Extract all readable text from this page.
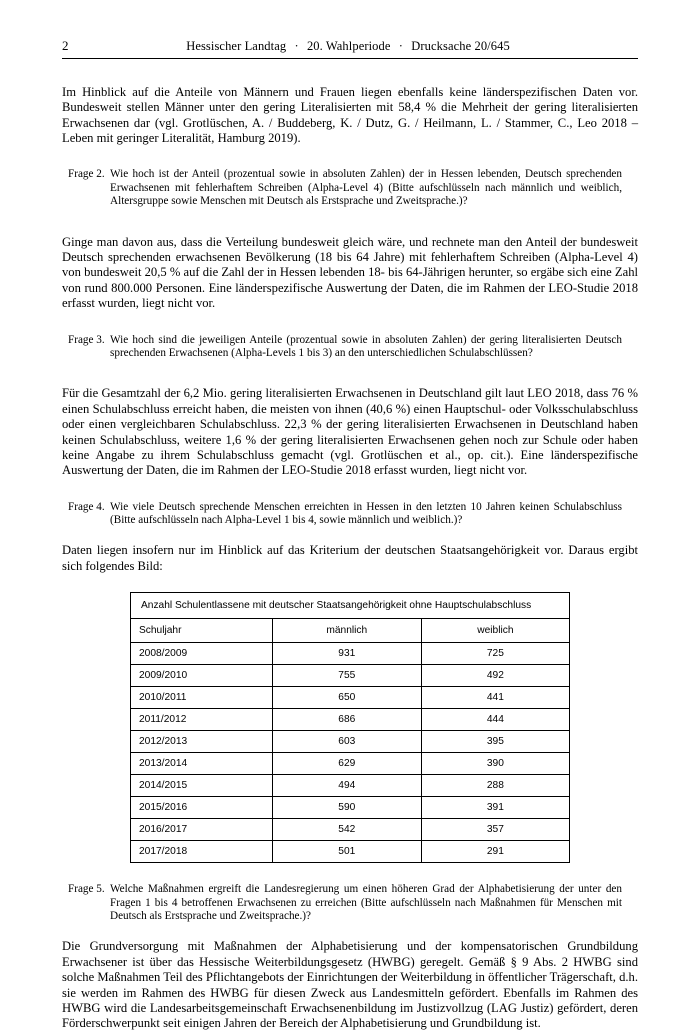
2	Hessischer Landtag · 20. Wahlperiode · Drucksache 20/645

Im Hinblick auf die Anteile von Männern und Frauen liegen ebenfalls keine länderspezifischen Daten vor. Bundesweit stellen Männer unter den gering Literalisierten mit 58,4 % die Mehrheit der gering literalisierten Erwachsenen dar (vgl. Grotlüschen, A. / Buddeberg, K. / Dutz, G. / Heilmann, L. / Stammer, C., Leo 2018 – Leben mit geringer Literalität, Hamburg 2019).

Frage 2. Wie hoch ist der Anteil (prozentual sowie in absoluten Zahlen) der in Hessen lebenden, Deutsch sprechenden Erwachsenen mit fehlerhaftem Schreiben (Alpha-Level 4) (Bitte aufschlüsseln nach männlich und weiblich, Altersgruppe sowie Menschen mit Deutsch als Erstsprache und Zweitsprache.)?

Ginge man davon aus, dass die Verteilung bundesweit gleich wäre, und rechnete man den Anteil der bundesweit Deutsch sprechenden erwachsenen Bevölkerung (18 bis 64 Jahre) mit fehlerhaftem Schreiben (Alpha-Level 4) von bundesweit 20,5 % auf die Zahl der in Hessen lebenden 18- bis 64-Jährigen herunter, so ergäbe sich eine Zahl von rund 800.000 Personen. Eine länderspezifische Auswertung der Daten, die im Rahmen der LEO-Studie 2018 erfasst wurden, liegt nicht vor.

Frage 3. Wie hoch sind die jeweiligen Anteile (prozentual sowie in absoluten Zahlen) der gering literalisierten Deutsch sprechenden Erwachsenen (Alpha-Levels 1 bis 3) an den unterschiedlichen Schulabschlüssen?

Für die Gesamtzahl der 6,2 Mio. gering literalisierten Erwachsenen in Deutschland gilt laut LEO 2018, dass 76 % einen Schulabschluss erreicht haben, die meisten von ihnen (40,6 %) einen Hauptschul- oder Volksschulabschluss oder einen vergleichbaren Schulabschluss. 22,3 % der gering literalisierten Erwachsenen in Deutschland haben keinen Schulabschluss, weitere 1,6 % der gering literalisierten Erwachsenen gehen noch zur Schule oder haben keine Angabe zu ihrem Schulabschluss gemacht (vgl. Grotlüschen et al., op. cit.). Eine länderspezifische Auswertung der Daten, die im Rahmen der LEO-Studie 2018 erfasst wurden, liegt nicht vor.

Frage 4. Wie viele Deutsch sprechende Menschen erreichten in Hessen in den letzten 10 Jahren keinen Schulabschluss (Bitte aufschlüsseln nach Alpha-Level 1 bis 4, sowie männlich und weiblich.)?

Daten liegen insofern nur im Hinblick auf das Kriterium der deutschen Staatsangehörigkeit vor. Daraus ergibt sich folgendes Bild:

Anzahl Schulentlassene mit deutscher Staatsangehörigkeit ohne Hauptschulabschluss		
Schuljahr	männlich	weiblich
2008/2009	931	725
2009/2010	755	492
2010/2011	650	441
2011/2012	686	444
2012/2013	603	395
2013/2014	629	390
2014/2015	494	288
2015/2016	590	391
2016/2017	542	357
2017/2018	501	291
Frage 5. Welche Maßnahmen ergreift die Landesregierung um einen höheren Grad der Alphabetisierung der unter den Fragen 1 bis 4 betroffenen Erwachsenen zu erreichen (Bitte aufschlüsseln nach Maßnahmen für Menschen mit Deutsch als Erstsprache und Zweitsprache.)?

Die Grundversorgung mit Maßnahmen der Alphabetisierung und der kompensatorischen Grundbildung Erwachsener ist über das Hessische Weiterbildungsgesetz (HWBG) geregelt. Gemäß § 9 Abs. 2 HWBG sind solche Maßnahmen Teil des Pflichtangebots der Einrichtungen der Weiterbildung in öffentlicher Trägerschaft, d.h. sie werden im Rahmen des HWBG für diesen Zweck aus Landesmitteln gefördert. Ebenfalls im Rahmen des HWBG wird die Landesarbeitsgemeinschaft Erwachsenenbildung im Justizvollzug (LAG Justiz) gefördert, deren Förderschwerpunkt seit einigen Jahren der Bereich der Alphabetisierung und Grundbildung ist.
